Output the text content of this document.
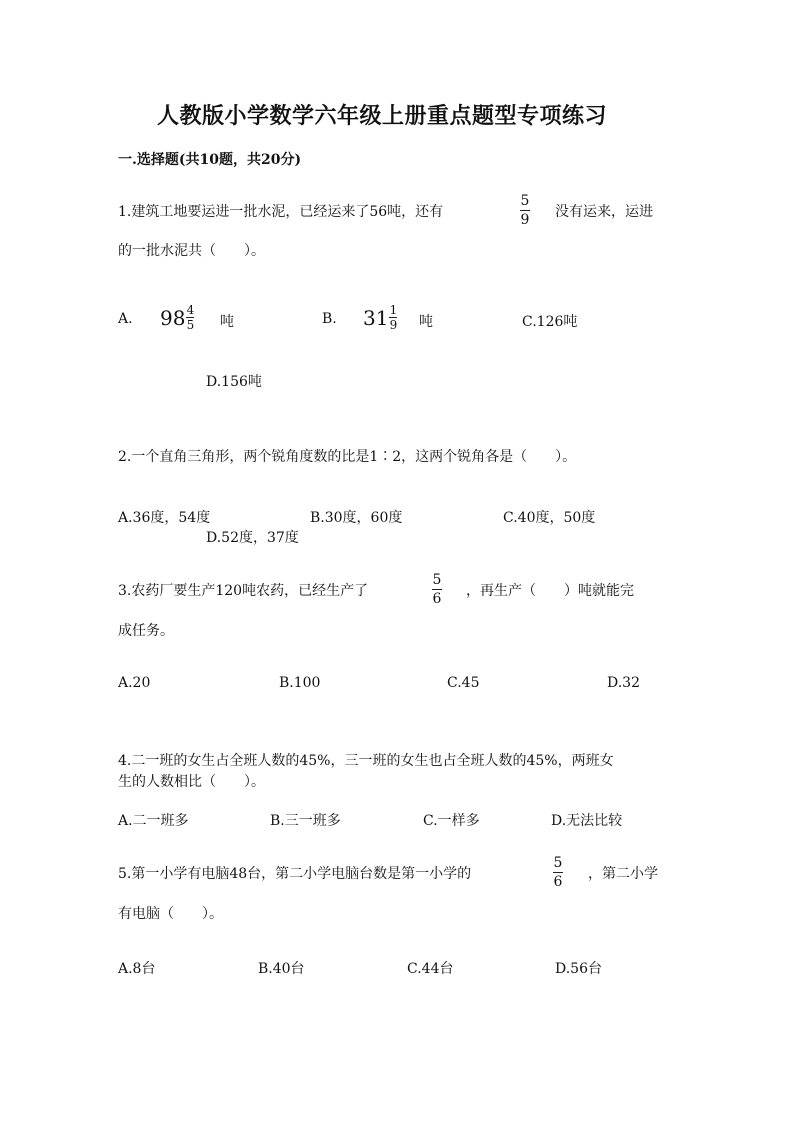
人教版小学数学六年级上册重点题型专项练习
一.选择题(共10题，共20分)
1.建筑工地要运进一批水泥，已经运来了56吨，还有
5
9 没有运来，运进
的一批水泥共（　　）。
A. 98 4
5 吨	B. 31 1
9 吨	C.126吨
D.156吨
2.一个直角三角形，两个锐角度数的比是1∶2，这两个锐角各是（　　）。
A.36度，54度	B.30度，60度	C.40度，50度
D.52度，37度
3.农药厂要生产120吨农药，已经生产了
5
6 ，再生产（　　）吨就能完
成任务。
A.20	B.100	C.45	D.32
4.二一班的女生占全班人数的45%，三一班的女生也占全班人数的45%，两班女
生的人数相比（　　）。
A.二一班多	B.三一班多	C.一样多	D.无法比较
5.第一小学有电脑48台，第二小学电脑台数是第一小学的
5
6 ，第二小学
有电脑（　　）。
A.8台	B.40台	C.44台	D.56台
